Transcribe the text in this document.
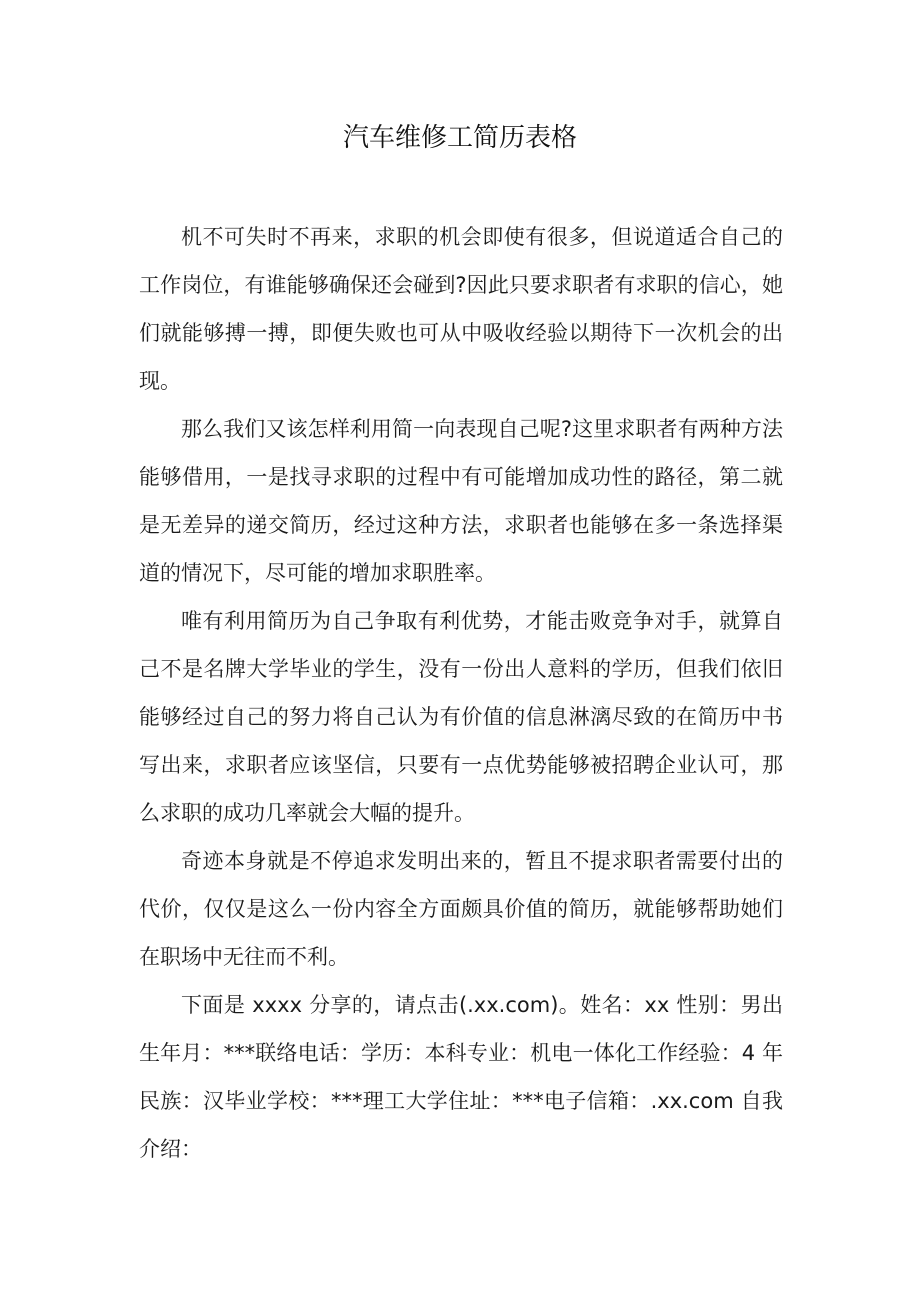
汽车维修工简历表格

机不可失时不再来，求职的机会即使有很多，但说道适合自己的工作岗位，有谁能够确保还会碰到?因此只要求职者有求职的信心，她们就能够搏一搏，即便失败也可从中吸收经验以期待下一次机会的出现。

那么我们又该怎样利用简一向表现自己呢?这里求职者有两种方法能够借用，一是找寻求职的过程中有可能增加成功性的路径，第二就是无差异的递交简历，经过这种方法，求职者也能够在多一条选择渠道的情况下，尽可能的增加求职胜率。

唯有利用简历为自己争取有利优势，才能击败竞争对手，就算自己不是名牌大学毕业的学生，没有一份出人意料的学历，但我们依旧能够经过自己的努力将自己认为有价值的信息淋漓尽致的在简历中书写出来，求职者应该坚信，只要有一点优势能够被招聘企业认可，那么求职的成功几率就会大幅的提升。

奇迹本身就是不停追求发明出来的，暂且不提求职者需要付出的代价，仅仅是这么一份内容全方面颇具价值的简历，就能够帮助她们在职场中无往而不利。

下面是 xxxx 分享的，请点击(.xx.com)。姓名：xx 性别：男出生年月：***联络电话：学历：本科专业：机电一体化工作经验：4 年民族：汉毕业学校：***理工大学住址：***电子信箱：.xx.com 自我介绍：
